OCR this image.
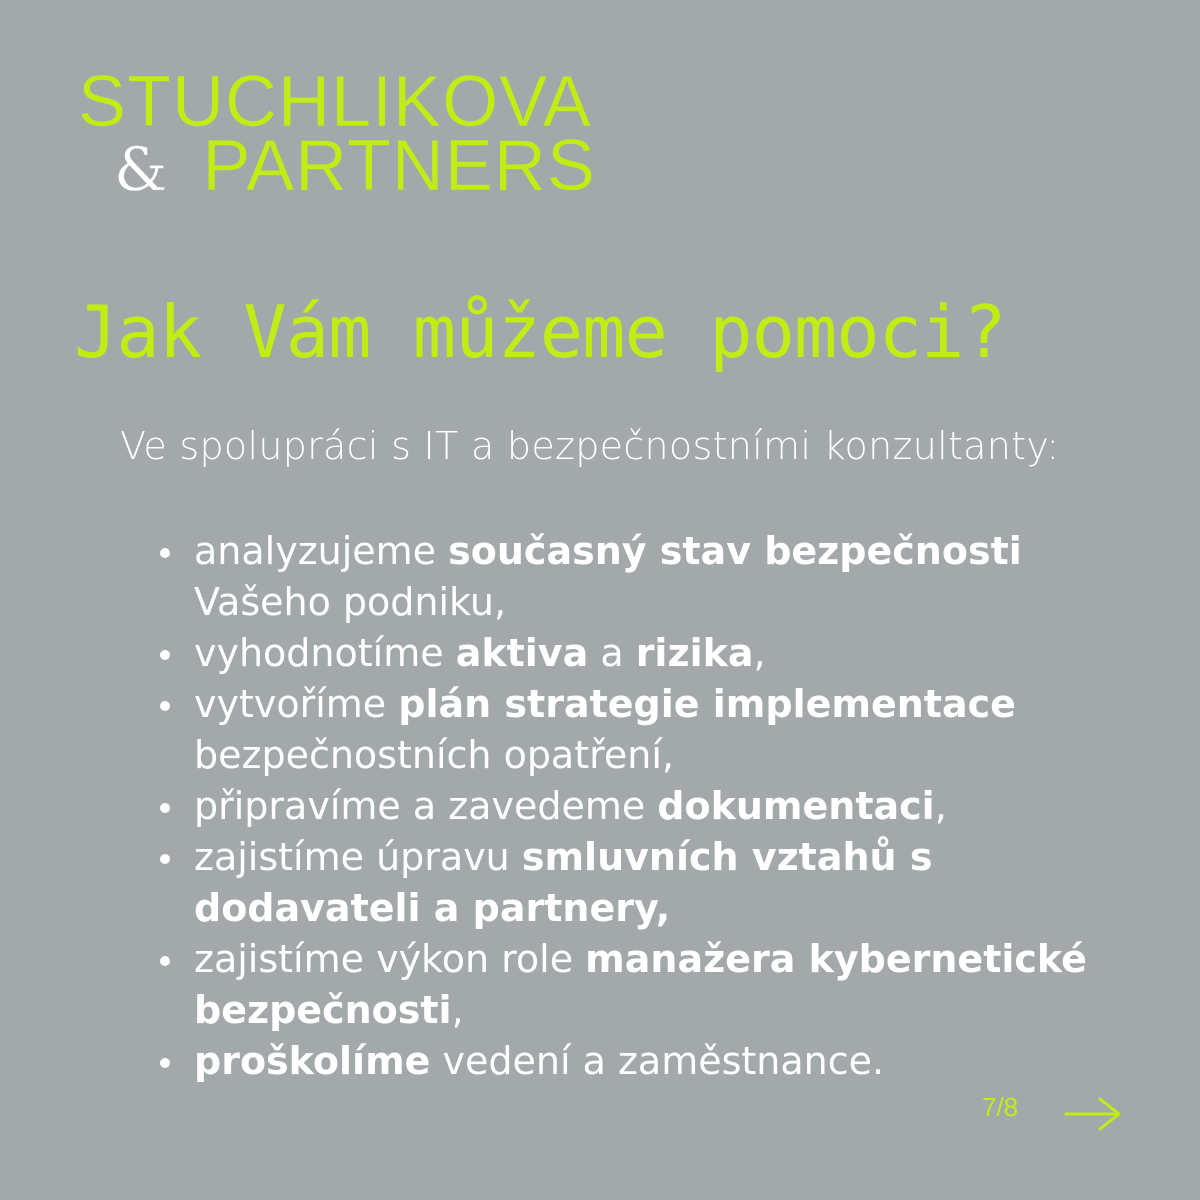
STUCHLIKOVA
& PARTNERS
Jak Vám můžeme pomoci?
Ve spolupráci s IT a bezpečnostními konzultanty:
analyzujeme současný stav bezpečnosti Vašeho podniku,
vyhodnotíme aktiva a rizika,
vytvoříme plán strategie implementace bezpečnostních opatření,
připravíme a zavedeme dokumentaci,
zajistíme úpravu smluvních vztahů s dodavateli a partnery,
zajistíme výkon role manažera kybernetické bezpečnosti,
proškolíme vedení a zaměstnance.
7/8
